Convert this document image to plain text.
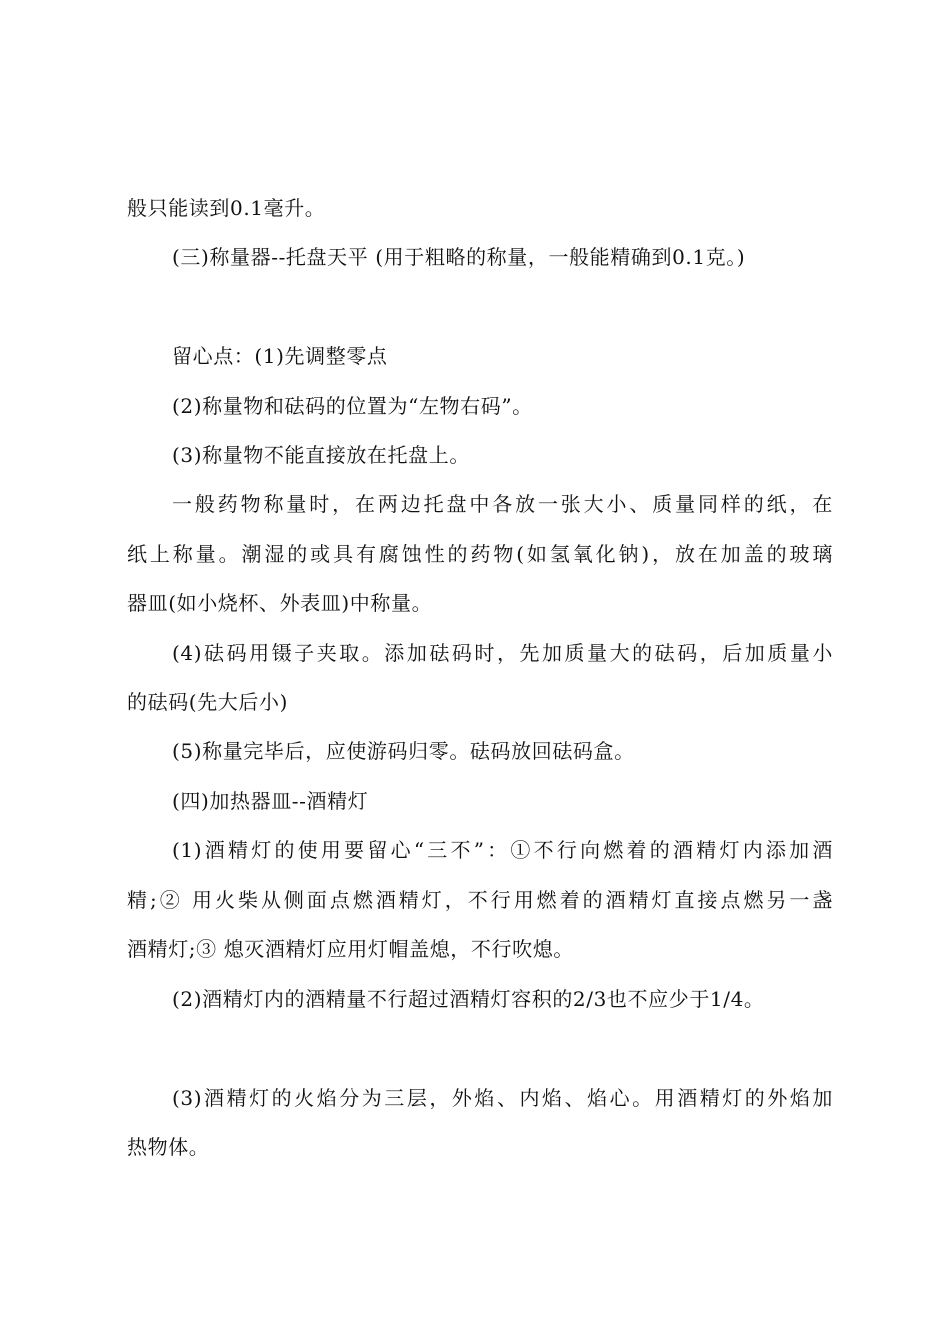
般只能读到0.1毫升。
(三)称量器--托盘天平 (用于粗略的称量，一般能精确到0.1克。)
留心点：(1)先调整零点
(2)称量物和砝码的位置为“左物右码”。
(3)称量物不能直接放在托盘上。
一般药物称量时，在两边托盘中各放一张大小、质量同样的纸，在
纸上称量。潮湿的或具有腐蚀性的药物(如氢氧化钠)，放在加盖的玻璃
器皿(如小烧杯、外表皿)中称量。
(4)砝码用镊子夹取。添加砝码时，先加质量大的砝码，后加质量小
的砝码(先大后小)
(5)称量完毕后，应使游码归零。砝码放回砝码盒。
(四)加热器皿--酒精灯
(1)酒精灯的使用要留心“三不”：①不行向燃着的酒精灯内添加酒
精;② 用火柴从侧面点燃酒精灯，不行用燃着的酒精灯直接点燃另一盏
酒精灯;③ 熄灭酒精灯应用灯帽盖熄，不行吹熄。
(2)酒精灯内的酒精量不行超过酒精灯容积的2/3也不应少于1/4。
(3)酒精灯的火焰分为三层，外焰、内焰、焰心。用酒精灯的外焰加
热物体。
